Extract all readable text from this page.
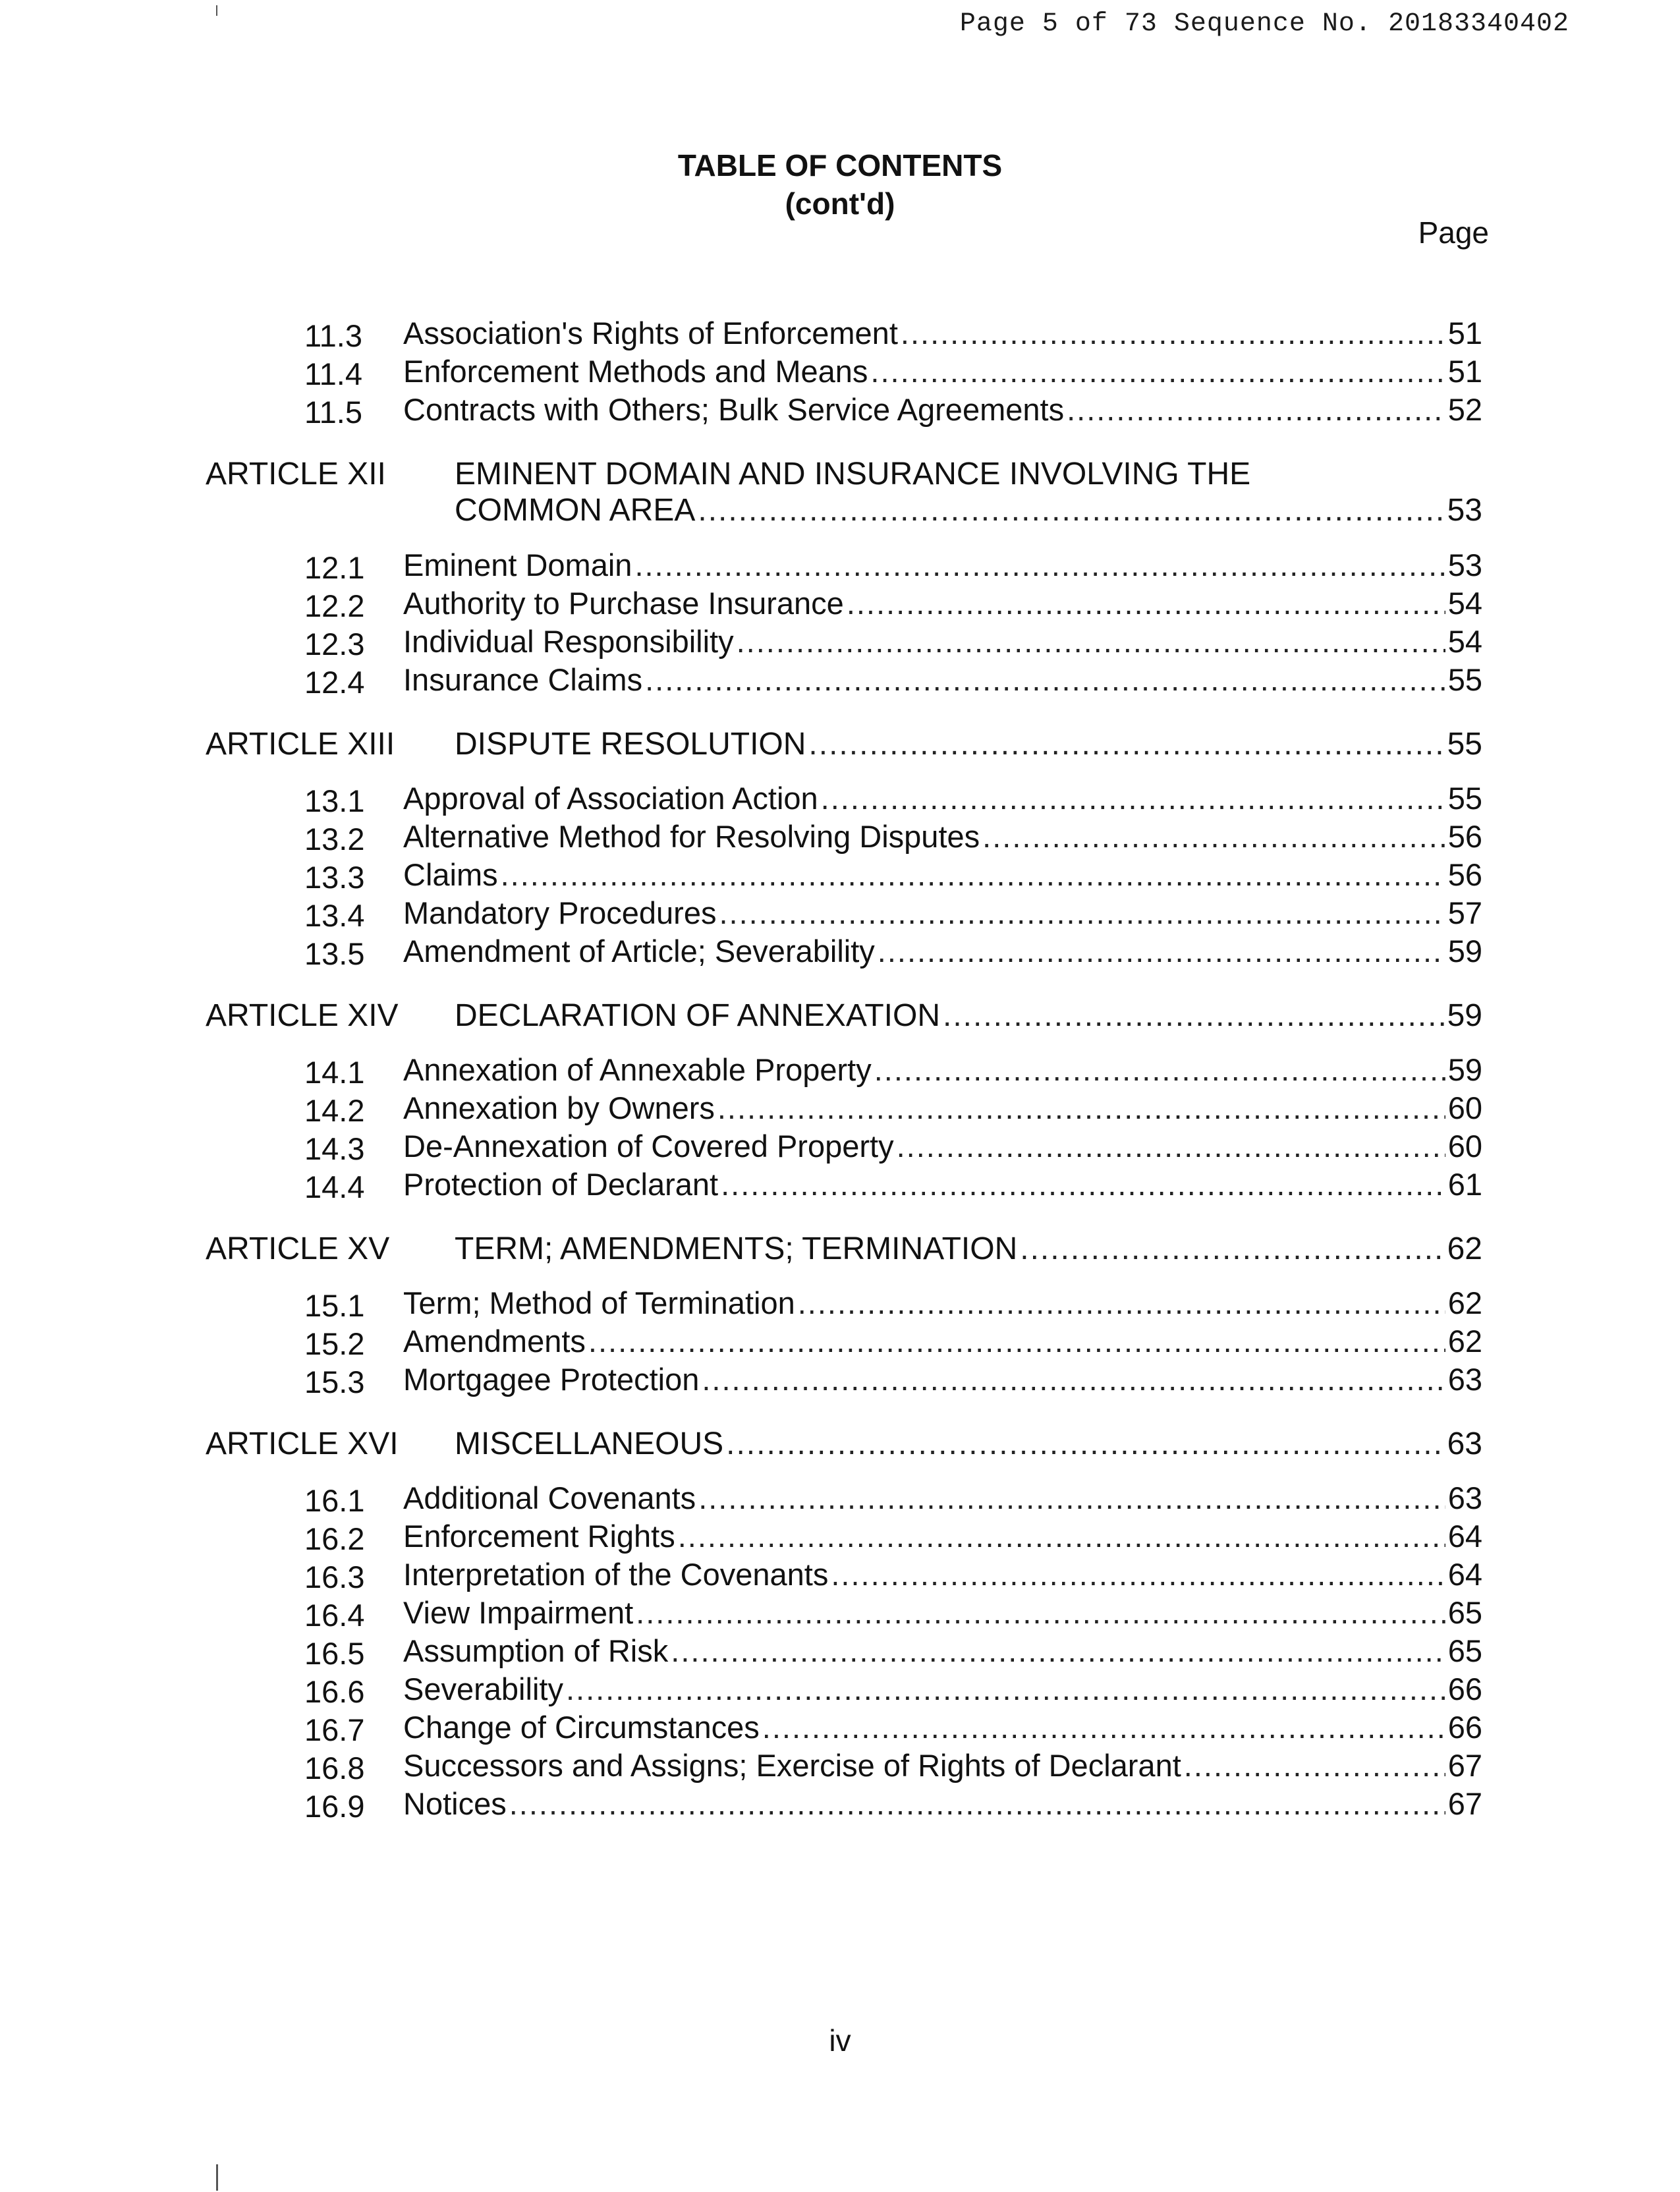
Page 5 of 73 Sequence No. 20183340402
TABLE OF CONTENTS
(cont'd)
Page
11.3 Association's Rights of Enforcement .....	51
11.4 Enforcement Methods and Means .....	51
11.5 Contracts with Others; Bulk Service Agreements .....	52
ARTICLE XII EMINENT DOMAIN AND INSURANCE INVOLVING THE
COMMON AREA .....	53
12.1 Eminent Domain .....	53
12.2 Authority to Purchase Insurance .....	54
12.3 Individual Responsibility .....	54
12.4 Insurance Claims .....	55
ARTICLE XIII DISPUTE RESOLUTION .....	55
13.1 Approval of Association Action .....	55
13.2 Alternative Method for Resolving Disputes .....	56
13.3 Claims .....	56
13.4 Mandatory Procedures .....	57
13.5 Amendment of Article; Severability .....	59
ARTICLE XIV DECLARATION OF ANNEXATION .....	59
14.1 Annexation of Annexable Property .....	59
14.2 Annexation by Owners .....	60
14.3 De-Annexation of Covered Property .....	60
14.4 Protection of Declarant .....	61
ARTICLE XV TERM; AMENDMENTS; TERMINATION .....	62
15.1 Term; Method of Termination .....	62
15.2 Amendments .....	62
15.3 Mortgagee Protection .....	63
ARTICLE XVI MISCELLANEOUS .....	63
16.1 Additional Covenants .....	63
16.2 Enforcement Rights .....	64
16.3 Interpretation of the Covenants .....	64
16.4 View Impairment .....	65
16.5 Assumption of Risk .....	65
16.6 Severability .....	66
16.7 Change of Circumstances .....	66
16.8 Successors and Assigns; Exercise of Rights of Declarant .....	67
16.9 Notices .....	67
iv
